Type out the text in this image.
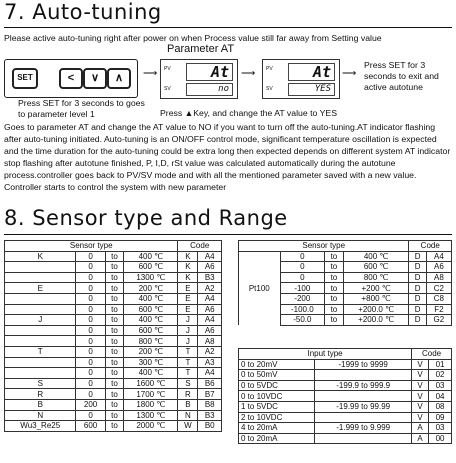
7. Auto-tuning
Please active auto-tuning right after power on when Process value still far away from Setting value
Parameter AT
SET	<	∨	∧	⟶ PV
SV
At
no
⟶ PV
SV
At
YES
⟶
Press SET for 3 seconds to exit and active autotune
Press SET for 3 seconds to goes to parameter level 1	Press ▲Key, and change the AT value to YES
Goes to parameter AT and change the AT value to NO if you want to turn off the auto-tuning.AT indicator flashing after auto-tuning initiated. Auto-tuning is an ON/OFF control mode, significant temperature oscillation is expected and the time duration for the auto-tuning could be extra long then expected depends on different system AT indicator stop flashing after autotune finished, P, I,D, rSt value was calculated automatically during the autotune process.controller goes back to PV/SV mode and with all the mentioned parameter saved with a new value. Controller starts to control the system with new parameter
8. Sensor type and Range
Sensor type				Code	
K	0	to	400 ℃	K	A4
	0	to	600 ℃	K	A6
	0	to	1300 ℃	K	B3
E	0	to	200 ℃	E	A2
	0	to	400 ℃	E	A4
	0	to	600 ℃	E	A6
J	0	to	400 ℃	J	A4
	0	to	600 ℃	J	A6
	0	to	800 ℃	J	A8
T	0	to	200 ℃	T	A2
	0	to	300 ℃	T	A3
	0	to	400 ℃	T	A4
S	0	to	1600 ℃	S	B6
R	0	to	1700 ℃	R	B7
B	200	to	1800 ℃	B	B8
N	0	to	1300 ℃	N	B3
Wu3_Re25	600	to	2000 ℃	W	B0
Sensor type				Code	
	0	to	400 ℃	D	A4
	0	to	600 ℃	D	A6
	0	to	800 ℃	D	A8
Pt100	-100	to	+200 ℃	D	C2
	-200	to	+800 ℃	D	C8
	-100.0	to	+200.0 ℃	D	F2
	-50.0	to	+200.0 ℃	D	G2
Input type		Code	
0 to 20mV	-1999 to 9999	V	01
0 to 50mV		V	02
0 to 5VDC	-199.9 to 999.9	V	03
0 to 10VDC		V	04
1 to 5VDC	-19.99 to 99.99	V	08
2 to 10VDC		V	09
4 to 20mA	-1.999 to 9.999	A	03
0 to 20mA		A	00
